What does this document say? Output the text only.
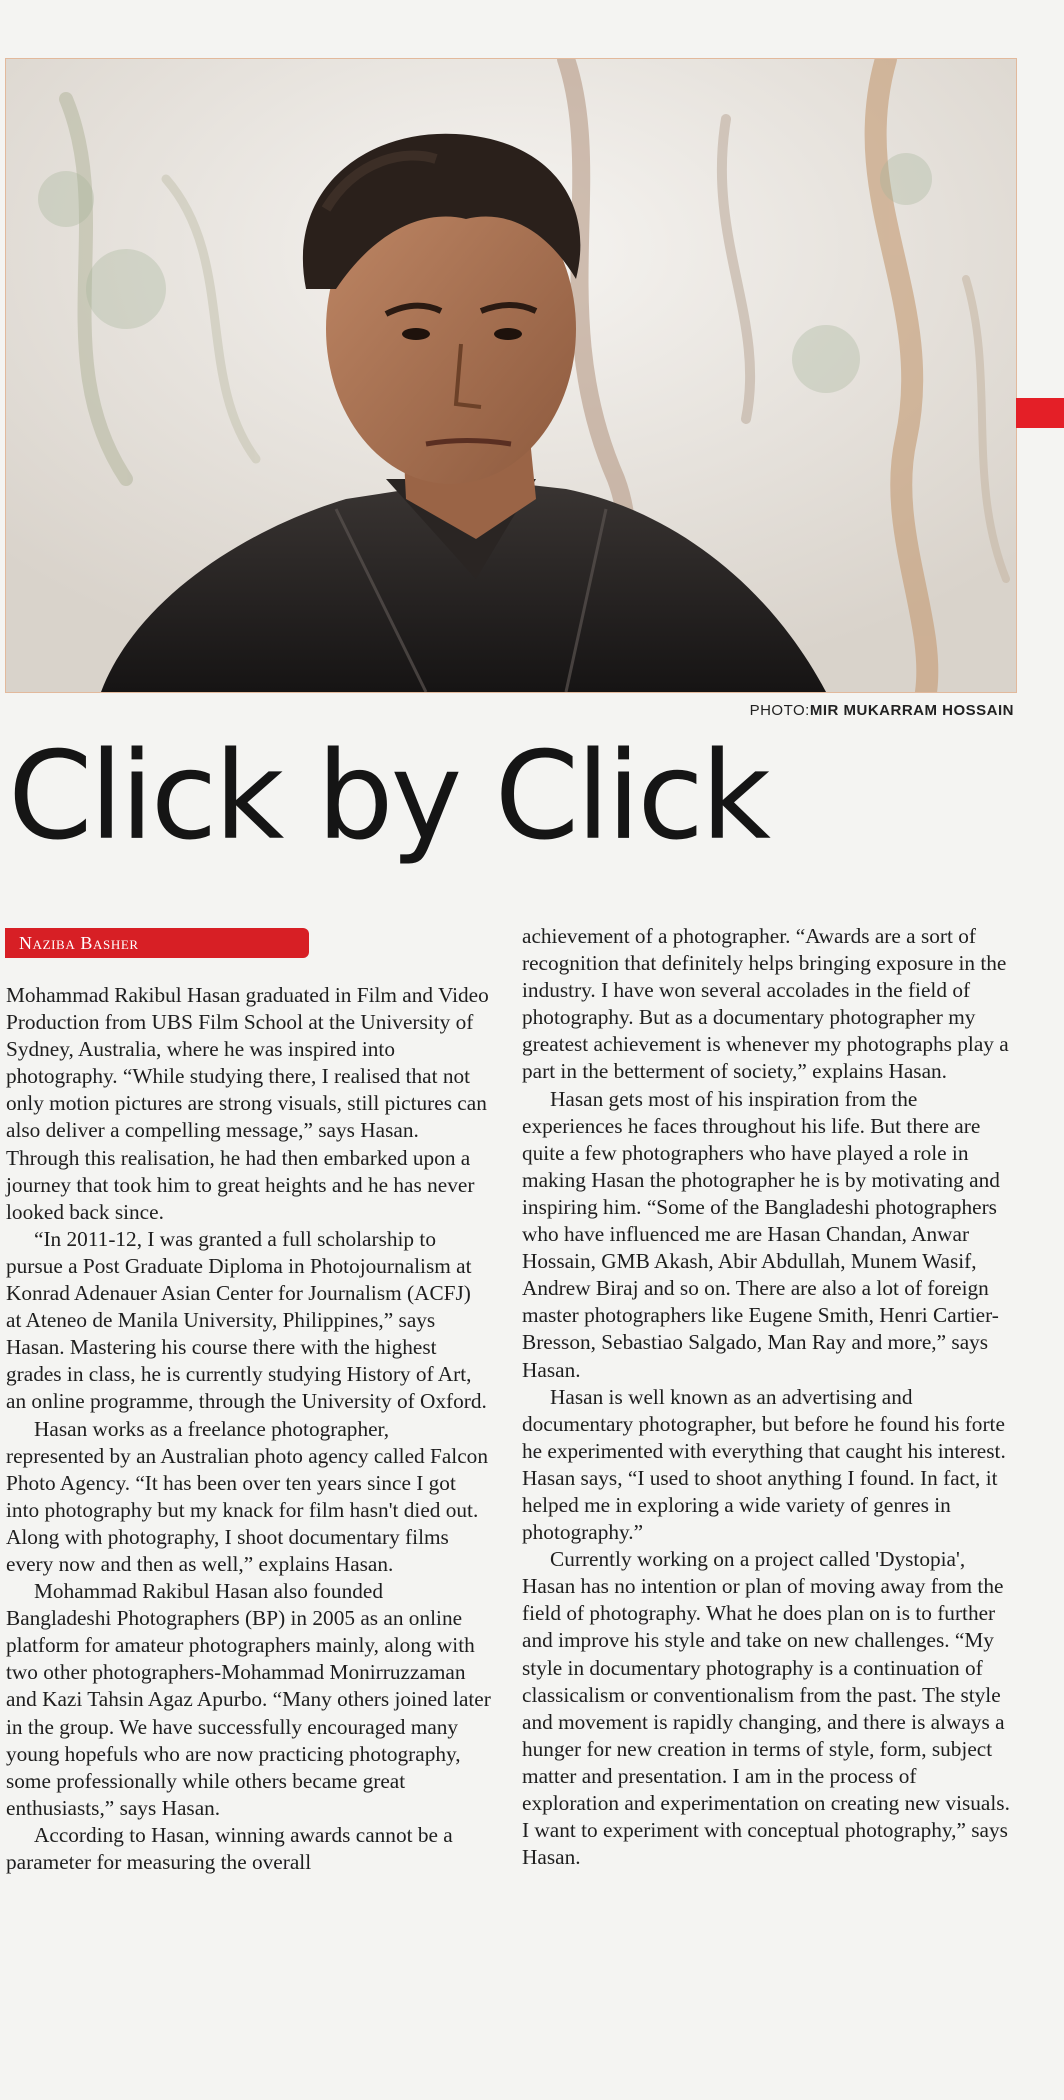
PHOTO:MIR MUKARRAM HOSSAIN
Click by Click
Naziba Basher

Mohammad Rakibul Hasan graduated in Film and Video Production from UBS Film School at the University of Sydney, Australia, where he was inspired into photography. “While studying there, I realised that not only motion pictures are strong visuals, still pictures can also deliver a compelling message,” says Hasan. Through this realisation, he had then embarked upon a journey that took him to great heights and he has never looked back since.

“In 2011-12, I was granted a full scholarship to pursue a Post Graduate Diploma in Photojournalism at Konrad Adenauer Asian Center for Journalism (ACFJ) at Ateneo de Manila University, Philippines,” says Hasan. Mastering his course there with the highest grades in class, he is currently studying History of Art, an online programme, through the University of Oxford.

Hasan works as a freelance photographer, represented by an Australian photo agency called Falcon Photo Agency. “It has been over ten years since I got into photography but my knack for film hasn't died out. Along with photography, I shoot documentary films every now and then as well,” explains Hasan.

Mohammad Rakibul Hasan also founded Bangladeshi Photographers (BP) in 2005 as an online platform for amateur photographers mainly, along with two other photographers-Mohammad Monirruzzaman and Kazi Tahsin Agaz Apurbo. “Many others joined later in the group. We have successfully encouraged many young hopefuls who are now practicing photography, some professionally while others became great enthusiasts,” says Hasan.

According to Hasan, winning awards cannot be a parameter for measuring the overall

achievement of a photographer. “Awards are a sort of recognition that definitely helps bringing exposure in the industry. I have won several accolades in the field of photography. But as a documentary photographer my greatest achievement is whenever my photographs play a part in the betterment of society,” explains Hasan.

Hasan gets most of his inspiration from the experiences he faces throughout his life. But there are quite a few photographers who have played a role in making Hasan the photographer he is by motivating and inspiring him. “Some of the Bangladeshi photographers who have influenced me are Hasan Chandan, Anwar Hossain, GMB Akash, Abir Abdullah, Munem Wasif, Andrew Biraj and so on. There are also a lot of foreign master photographers like Eugene Smith, Henri Cartier-Bresson, Sebastiao Salgado, Man Ray and more,” says Hasan.

Hasan is well known as an advertising and documentary photographer, but before he found his forte he experimented with everything that caught his interest. Hasan says, “I used to shoot anything I found. In fact, it helped me in exploring a wide variety of genres in photography.”

Currently working on a project called 'Dystopia', Hasan has no intention or plan of moving away from the field of photography. What he does plan on is to further and improve his style and take on new challenges. “My style in documentary photography is a continuation of classicalism or conventionalism from the past. The style and movement is rapidly changing, and there is always a hunger for new creation in terms of style, form, subject matter and presentation. I am in the process of exploration and experimentation on creating new visuals. I want to experiment with conceptual photography,” says Hasan.
